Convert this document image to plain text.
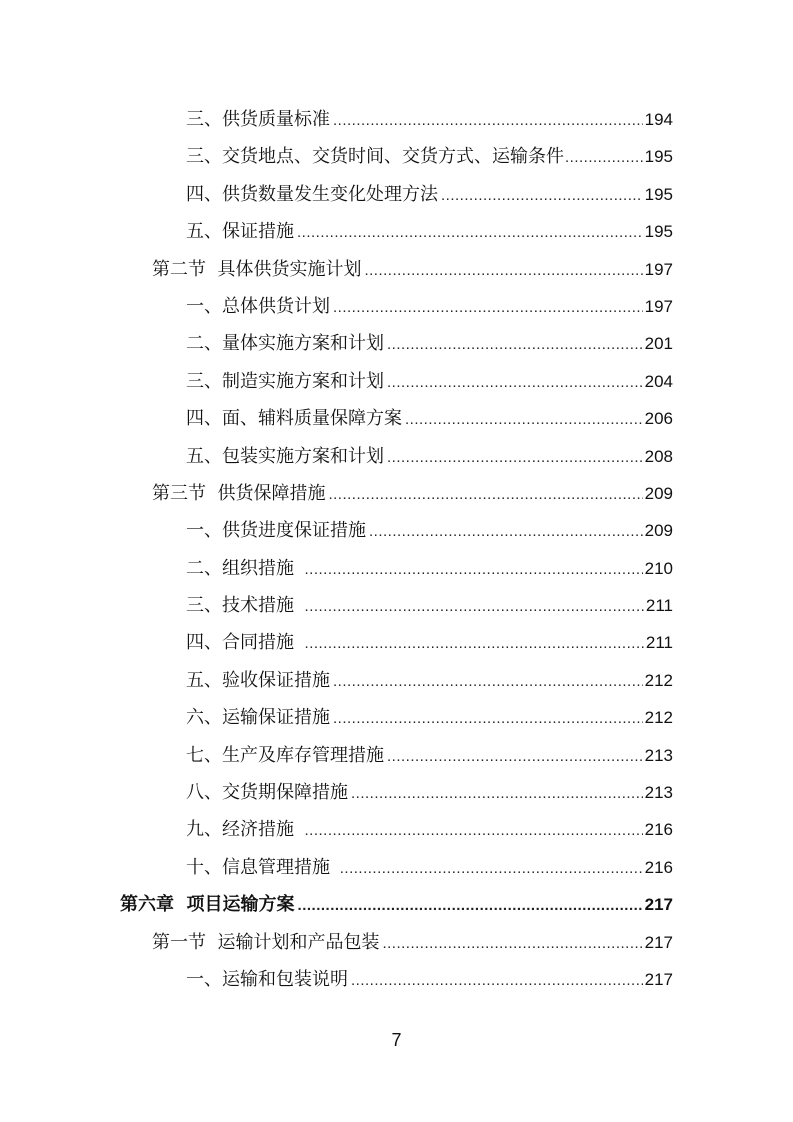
三、供货质量标准 .....	194
三、交货地点、交货时间、交货方式、运输条件 .....	195
四、供货数量发生变化处理方法 .....	195
五、保证措施 .....	195
第二节  具体供货实施计划 .....	197
一、总体供货计划 .....	197
二、量体实施方案和计划 .....	201
三、制造实施方案和计划 .....	204
四、面、辅料质量保障方案 .....	206
五、包装实施方案和计划 .....	208
第三节  供货保障措施 .....	209
一、供货进度保证措施 .....	209
二、组织措施 .....	210
三、技术措施 .....	211
四、合同措施 .....	211
五、验收保证措施 .....	212
六、运输保证措施 .....	212
七、生产及库存管理措施 .....	213
八、交货期保障措施 .....	213
九、经济措施 .....	216
十、信息管理措施 .....	216
第六章  项目运输方案 .....	217
第一节  运输计划和产品包装 .....	217
一、运输和包装说明 .....	217
7
